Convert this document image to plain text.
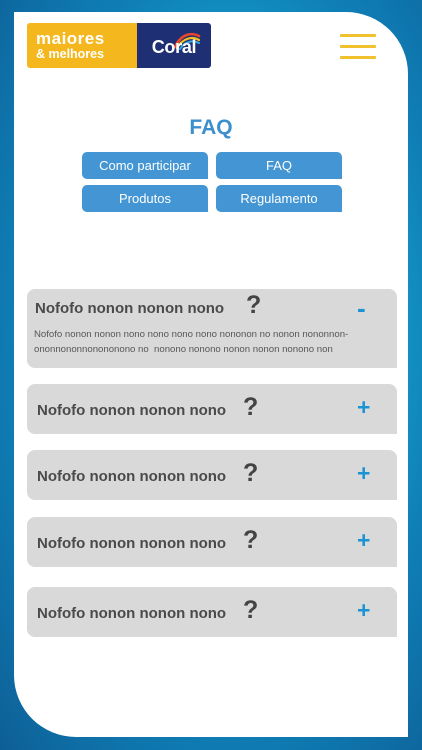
maiores
& melhores	Coral
FAQ
Como participar	FAQ
Produtos	Regulamento
Nofofo nonon nonon nono ?	-
Nofofo nonon nonon nono nono nono nono nononon no nonon nononnon-
ononnononnonononono no  nonono nonono nonon nonon nonono non
Nofofo nonon nonon nono ?	+
Nofofo nonon nonon nono ?	+
Nofofo nonon nonon nono ?	+
Nofofo nonon nonon nono ?	+
